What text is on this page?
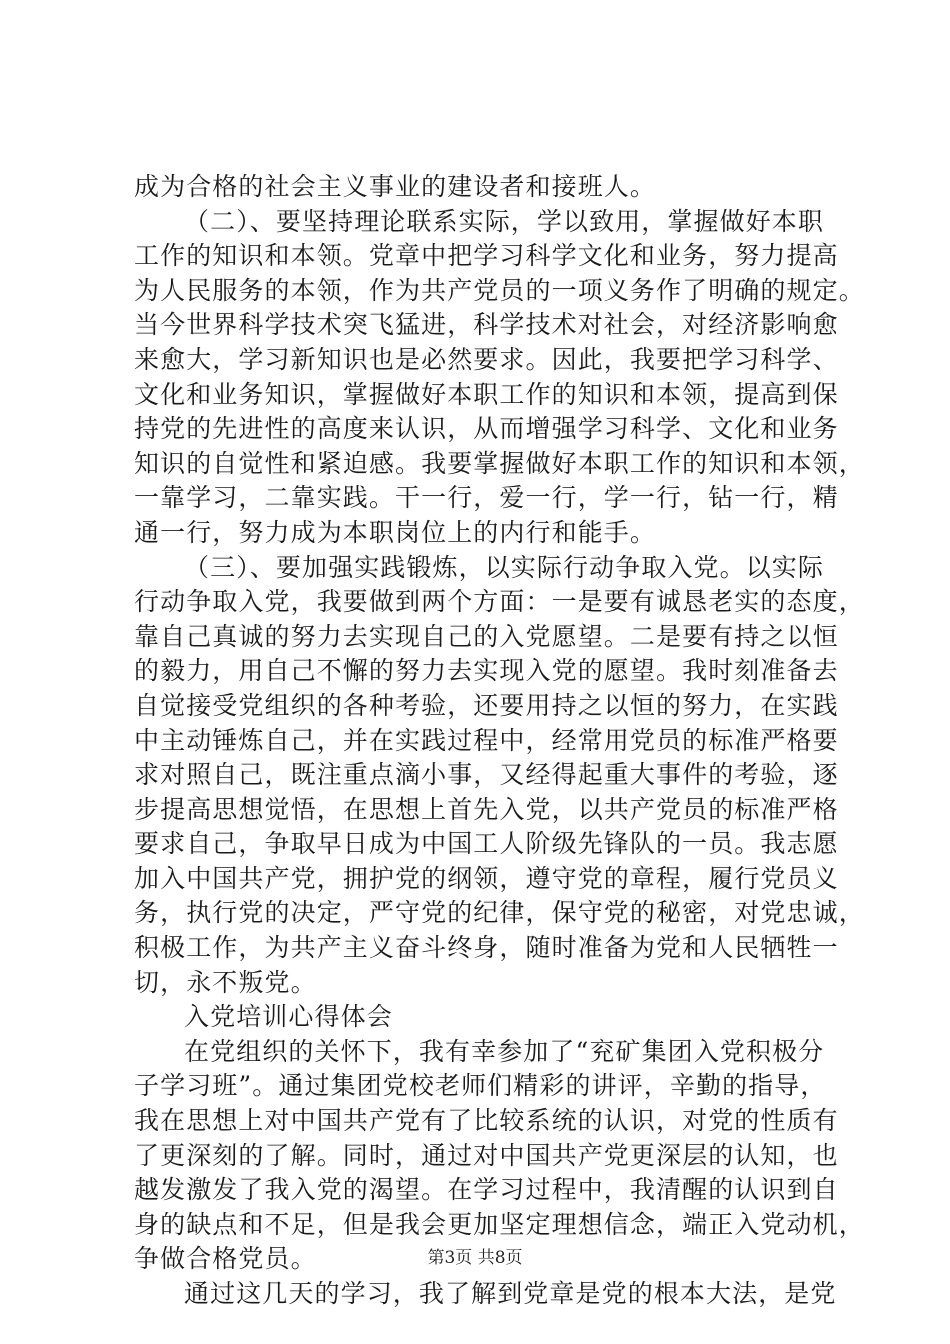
成为合格的社会主义事业的建设者和接班人。
（二）、要坚持理论联系实际，学以致用，掌握做好本职
工作的知识和本领。党章中把学习科学文化和业务，努力提高
为人民服务的本领，作为共产党员的一项义务作了明确的规定。
当今世界科学技术突飞猛进，科学技术对社会，对经济影响愈
来愈大，学习新知识也是必然要求。因此，我要把学习科学、
文化和业务知识，掌握做好本职工作的知识和本领，提高到保
持党的先进性的高度来认识，从而增强学习科学、文化和业务
知识的自觉性和紧迫感。我要掌握做好本职工作的知识和本领，
一靠学习，二靠实践。干一行，爱一行，学一行，钻一行，精
通一行，努力成为本职岗位上的内行和能手。
（三）、要加强实践锻炼，以实际行动争取入党。以实际
行动争取入党，我要做到两个方面：一是要有诚恳老实的态度，
靠自己真诚的努力去实现自己的入党愿望。二是要有持之以恒
的毅力，用自己不懈的努力去实现入党的愿望。我时刻准备去
自觉接受党组织的各种考验，还要用持之以恒的努力，在实践
中主动锤炼自己，并在实践过程中，经常用党员的标准严格要
求对照自己，既注重点滴小事，又经得起重大事件的考验，逐
步提高思想觉悟，在思想上首先入党，以共产党员的标准严格
要求自己，争取早日成为中国工人阶级先锋队的一员。我志愿
加入中国共产党，拥护党的纲领，遵守党的章程，履行党员义
务，执行党的决定，严守党的纪律，保守党的秘密，对党忠诚，
积极工作，为共产主义奋斗终身，随时准备为党和人民牺牲一
切，永不叛党。
入党培训心得体会
在党组织的关怀下，我有幸参加了“兖矿集团入党积极分
子学习班”。通过集团党校老师们精彩的讲评，辛勤的指导，
我在思想上对中国共产党有了比较系统的认识，对党的性质有
了更深刻的了解。同时，通过对中国共产党更深层的认知，也
越发激发了我入党的渴望。在学习过程中，我清醒的认识到自
身的缺点和不足，但是我会更加坚定理想信念，端正入党动机，
争做合格党员。
通过这几天的学习，我了解到党章是党的根本大法，是党
第3页 共8页
